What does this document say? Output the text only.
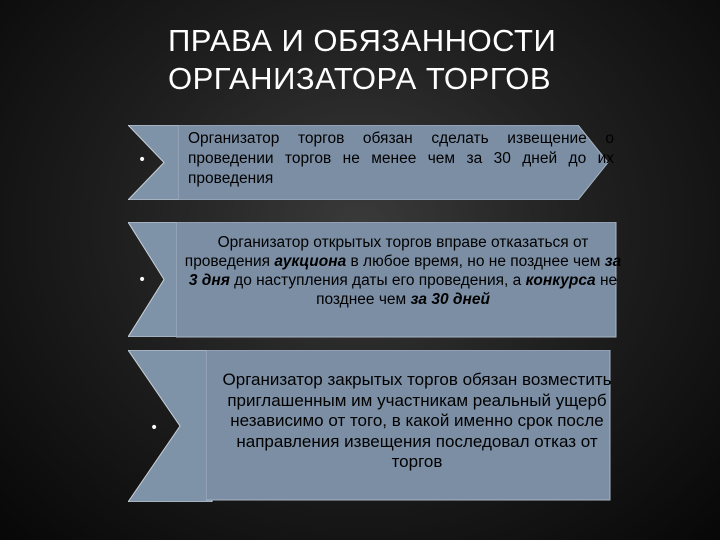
ПРАВА И ОБЯЗАННОСТИ
ОРГАНИЗАТОРА ТОРГОВ
•
Организатор торгов обязан сделать извещение о проведении торгов не менее чем за 30 дней до их проведения
•
Организатор открытых торгов вправе отказаться от проведения аукциона в любое время, но не позднее чем за 3 дня до наступления даты его проведения, а конкурса не позднее чем за 30 дней
•
Организатор закрытых торгов обязан возместить приглашенным им участникам реальный ущерб независимо от того, в какой именно срок после направления извещения последовал отказ от торгов
